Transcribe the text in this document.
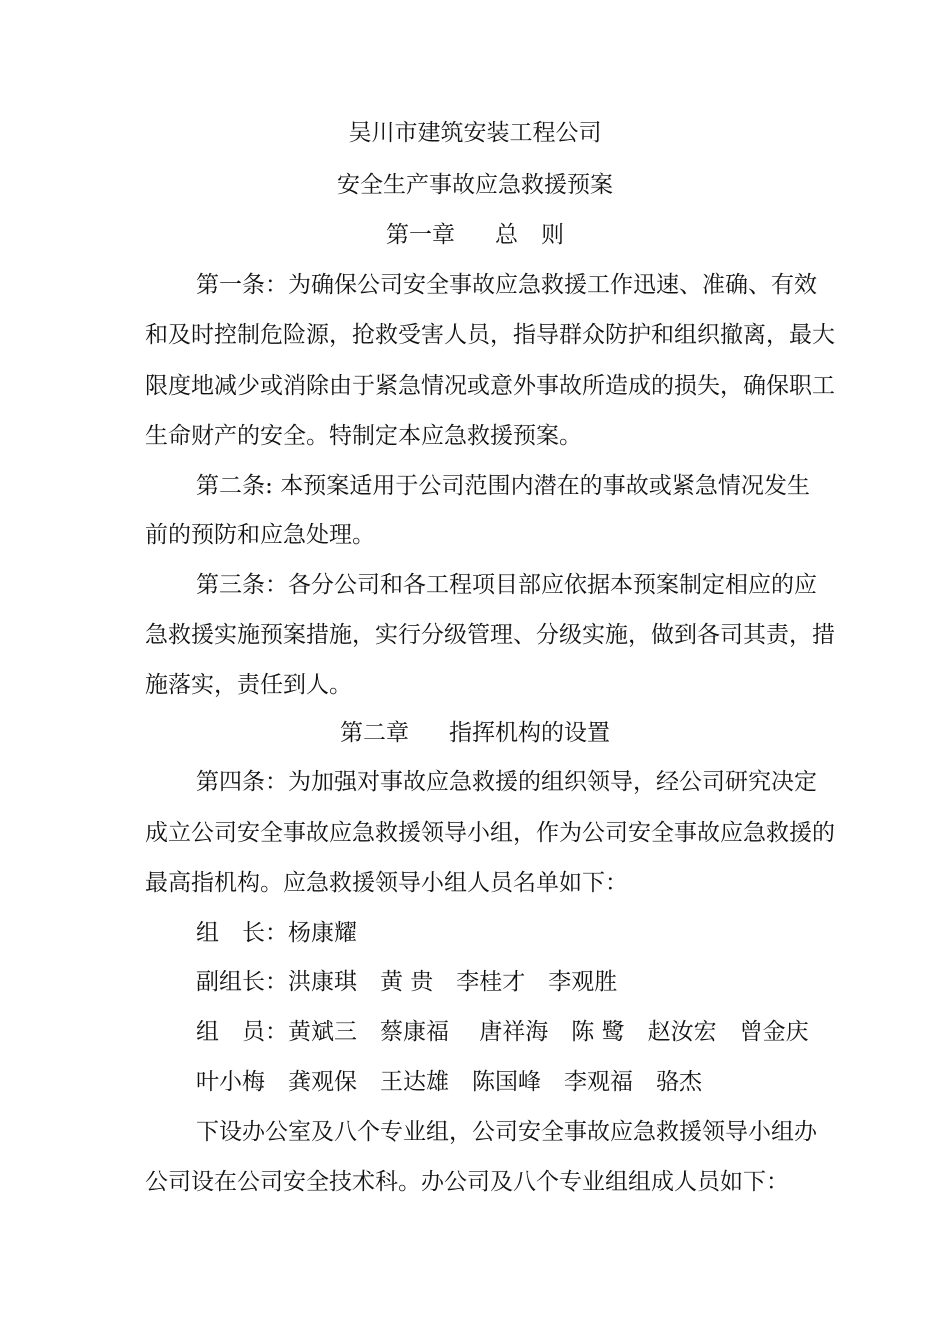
吴川市建筑安装工程公司
安全生产事故应急救援预案
第一章 总　则
第一条：为确保公司安全事故应急救援工作迅速、准确、有效
和及时控制危险源，抢救受害人员，指导群众防护和组织撤离，最大
限度地减少或消除由于紧急情况或意外事故所造成的损失，确保职工
生命财产的安全。特制定本应急救援预案。
第二条: 本预案适用于公司范围内潜在的事故或紧急情况发生
前的预防和应急处理。
第三条：各分公司和各工程项目部应依据本预案制定相应的应
急救援实施预案措施，实行分级管理、分级实施，做到各司其责，措
施落实，责任到人。
第二章 指挥机构的设置
第四条：为加强对事故应急救援的组织领导，经公司研究决定
成立公司安全事故应急救援领导小组，作为公司安全事故应急救援的
最高指机构。应急救援领导小组人员名单如下：
组　长：杨康耀
副组长：洪康琪　黄 贵　李桂才　李观胜
组　员：黄斌三　蔡康福　 唐祥海　陈 鹭　赵汝宏　曾金庆
叶小梅　龚观保　王达雄　陈国峰　李观福　骆杰
下设办公室及八个专业组，公司安全事故应急救援领导小组办
公司设在公司安全技术科。办公司及八个专业组组成人员如下：
